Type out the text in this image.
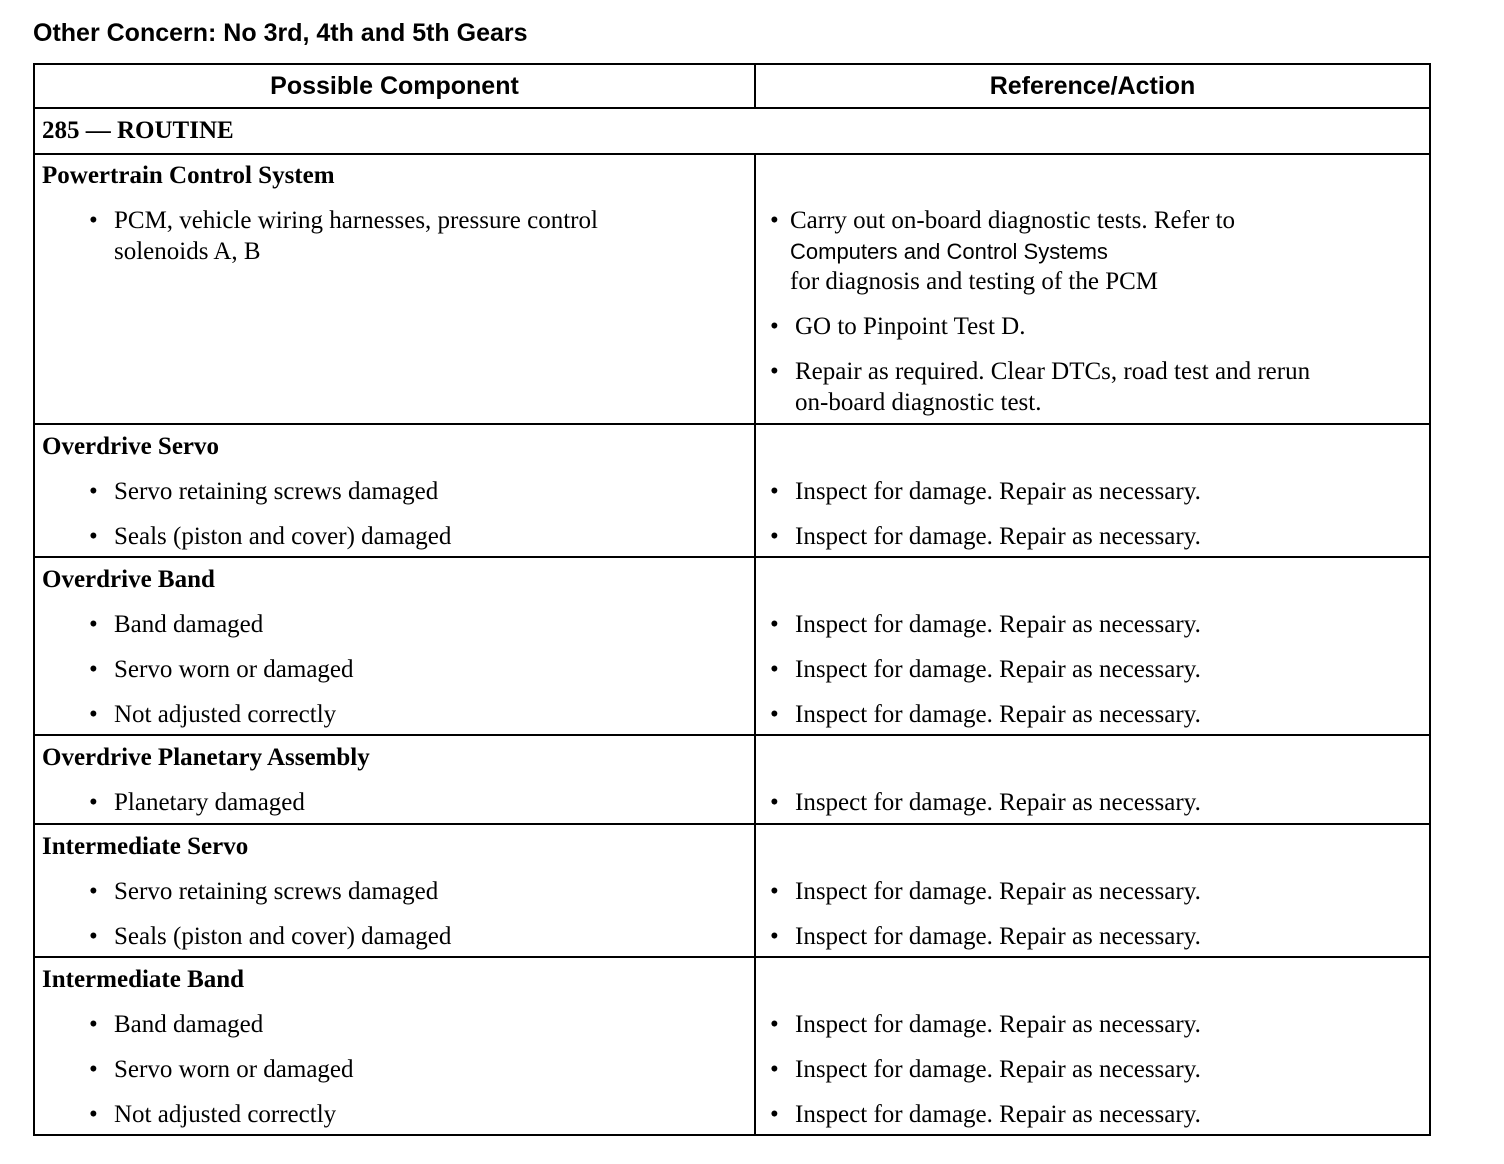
Other Concern: No 3rd, 4th and 5th Gears
Possible Component	Reference/Action
285 — ROUTINE
Powertrain Control System
• PCM, vehicle wiring harnesses, pressure control
solenoids A, B
• Carry out on-board diagnostic tests. Refer to
Computers and Control Systems
for diagnosis and testing of the PCM
• GO to Pinpoint Test D.
• Repair as required. Clear DTCs, road test and rerun
on-board diagnostic test.
Overdrive Servo
• Servo retaining screws damaged
• Seals (piston and cover) damaged
• Inspect for damage. Repair as necessary.
• Inspect for damage. Repair as necessary.
Overdrive Band
• Band damaged
• Servo worn or damaged
• Not adjusted correctly
• Inspect for damage. Repair as necessary.
• Inspect for damage. Repair as necessary.
• Inspect for damage. Repair as necessary.
Overdrive Planetary Assembly
• Planetary damaged	• Inspect for damage. Repair as necessary.
Intermediate Servo
• Servo retaining screws damaged
• Seals (piston and cover) damaged
• Inspect for damage. Repair as necessary.
• Inspect for damage. Repair as necessary.
Intermediate Band
• Band damaged
• Servo worn or damaged
• Not adjusted correctly
• Inspect for damage. Repair as necessary.
• Inspect for damage. Repair as necessary.
• Inspect for damage. Repair as necessary.
